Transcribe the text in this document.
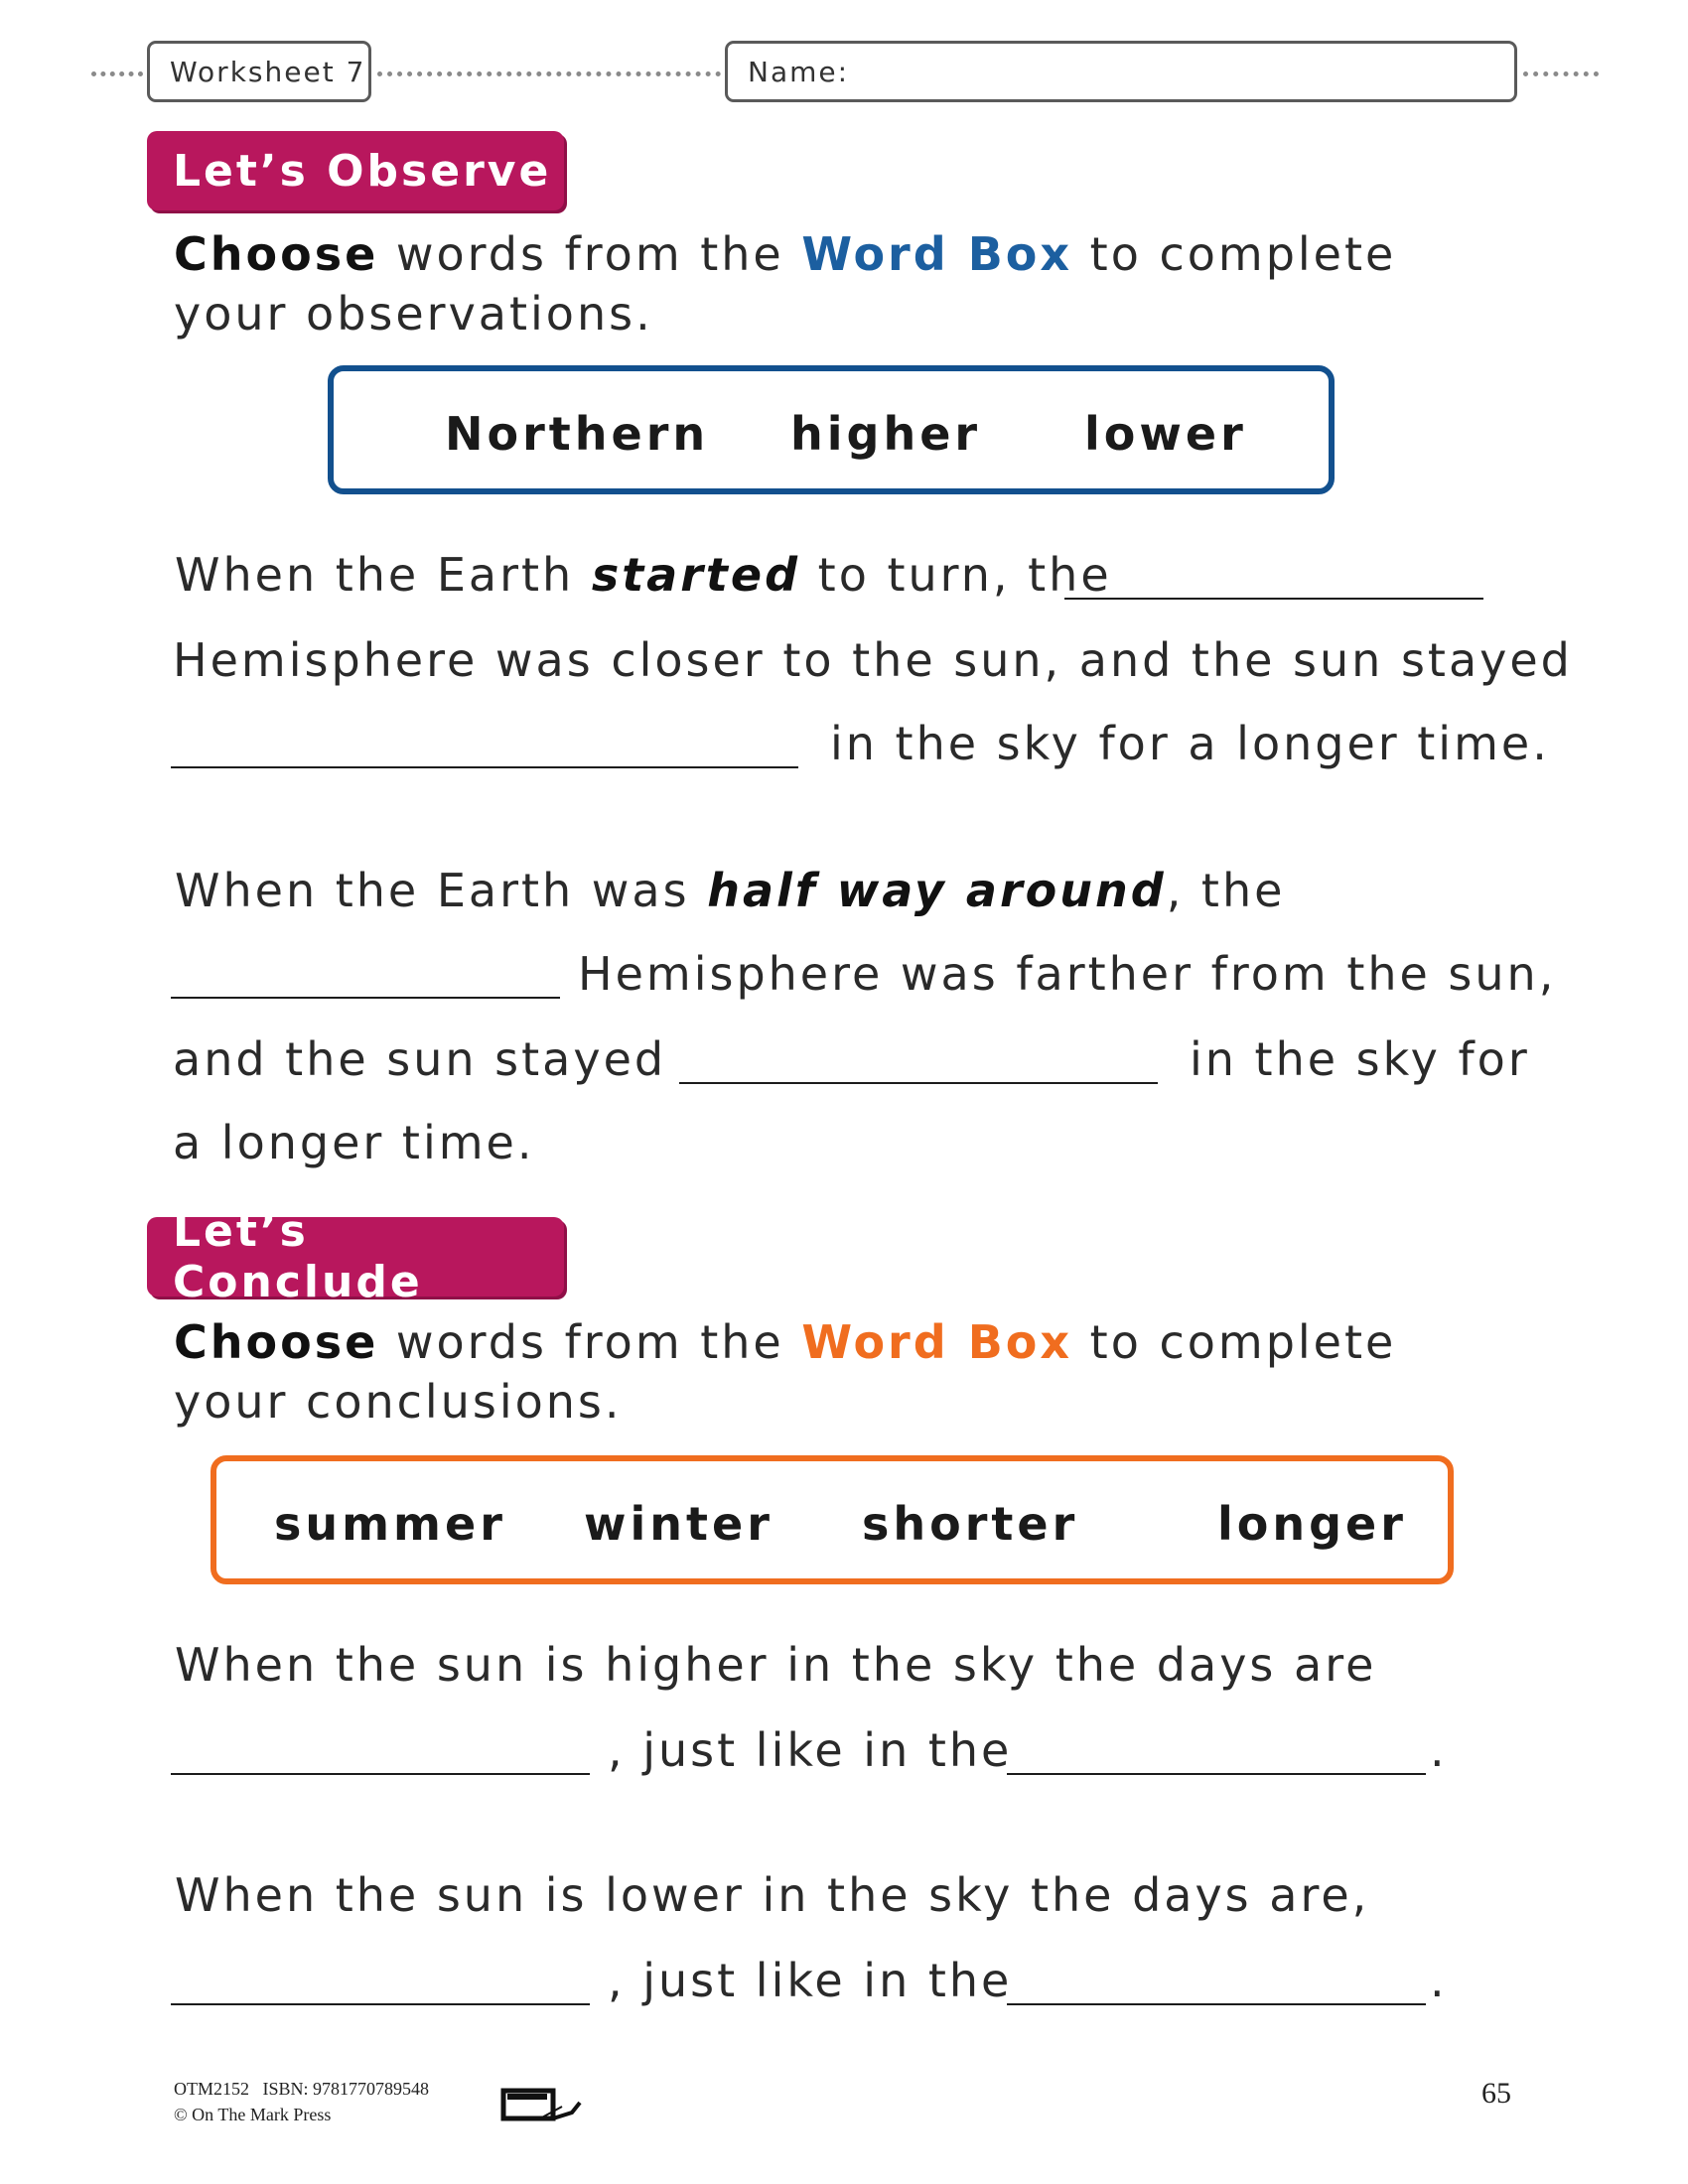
Worksheet 7	Name:
Let’s Observe
Choose words from the Word Box to complete your observations.
Northern higher lower
When the Earth started to turn, the
Hemisphere was closer to the sun, and the sun stayed
in the sky for a longer time.
When the Earth was half way around, the
Hemisphere was farther from the sun,
and the sun stayed	in the sky for
a longer time.
Let’s Conclude
Choose words from the Word Box to complete your conclusions.
summer winter shorter	longer
When the sun is higher in the sky the days are
, just like in the	.
When the sun is lower in the sky the days are,
, just like in the	.
OTM2152 ISBN: 9781770789548
© On The Mark Press
65
